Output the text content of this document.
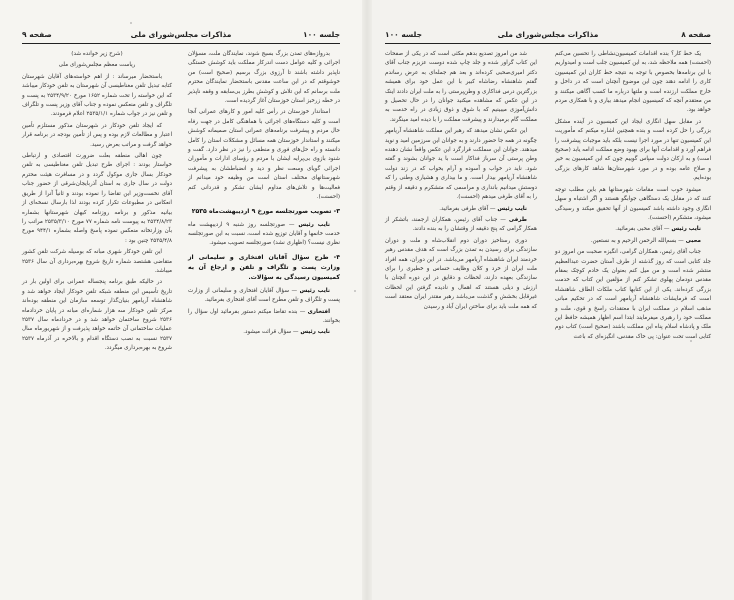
جلسه ۱۰۰
مذاکرات مجلس‌شورای ملی
صفحه ۹

بدروازه‌های تمدن بزرگ بسیج شوند، نمایندگان ملت، مسؤلان اجرائی و کلیه عوامل دست اندرکار مملکت باید کوشش خستگی ناپذیر داشته باشند تا آرزوی بزرگ برسیم (صحیح است) من خوشوقتم که در این ساعت مقدس باستحضار نمایندگان محترم ملت برسانم که این تلاش و کوشش بطرز بی‌سابقه و وقفه ناپذیر در خطه زرخیز استان خوزستان آغاز گردیده است.

استاندار خوزستان در رأس کلیه امور و کارهای عمرانی آنجا است و کلیه دستگاه‌های اجرائی با هماهنگی کامل در جهت رفاه حال مردم و پیشرفت برنامه‌های عمرانی استان صمیمانه کوشش میکنند و استاندار خوزستان همه مسائل و مشکلات استان را کامل دانسته و راه حل‌های فوری و منطقی را نیز در نظر دارد. گفت و شنود بازوی بی‌پرایه ایشان با مردم و رؤسای ادارات و مأموران اجرائی گویای وسعت نظر و دید و انضباطشان به پیشرفت شهرستانهای مختلف استان است من وظیفه خود میدانم از فعالیت‌ها و تلاش‌های مداوم ایشان تشکر و قدردانی کنم (احسنت).

۳- تصویب صورتجلسه مورخ ۹ اردیبهشت‌ماه ۲۵۳۵

نایب رئیس — صورتجلسه روز شنبه ۹ اردیبهشت ماه خدمت خانمها و آقایان توزیع شده است، نسبت به این صورتجلسه نظری نیست؟ (اظهاری نشد) صورتجلسه تصویب میشود.

۴- طرح سؤال آقایان افتخاری و سلیمانی از وزارت پست و تلگراف و تلفن و ارجاع آن به کمیسیون رسیدگی به سؤالات.

نایب رئیس — سؤال آقایان افتخاری و سلیمانی از وزارت پست و تلگراف و تلفن مطرح است آقای افتخاری بفرمائید.

افتخاری — بنده تقاضا میکنم دستور بفرمائید اول سؤال را بخوانند.

نایب رئیس — سؤال قرائت میشود.

(شرح زیر خوانده شد)

ریاست معظم مجلس‌شورای ملی

باستحضار میرساند : از اهم خواسته‌های آقایان شهرستان کتابه تبدیل تلفن مغناطیسی آن شهرستان به تلفن خودکار میباشد که این خواسته را تحت شماره ۱۶۵۲ مورخ ۲۵۳۴/۹/۲۰ به پست و تلگراف و تلفن منعکس نموده و جناب آقای وزیر پست و تلگراف و تلفن نیز در جواب شماره ۲۵۳۵/۱/۱ اعلام فرمودند.

که ایجاد تلفن خودکار در شهرستان مذکور مستلزم تأمین اعتبار و مطالعات لازم بوده و پس از تأمین بودجه در برنامه قرار خواهد گرفت و مراتب بعرض رسید.

چون اهالی منطقه بعلت ضرورت اقتصادی و ارتباطی خواستار بودند : اجرای طرح تبدیل تلفن مغناطیسی به تلفن خودکار بسال جاری موکول گردد و در مسافرت هیئت محترم دولت در سال جاری به استان آذربایجان‌شرقی از حضور جناب آقای نخست‌وزیر این تقاضا را نموده بودند و ثانیاً آنرا از طریق انعکاس در مطبوعات تکرار کرده بودند لذا بارسال نسخه‌ای از بیانیه مذکور و برنامه روزنامه کیهان شهرستانها بشماره ۲۵۳۴/۸/۲۳ به پیوست نامه شماره ۷۷ مورخ ۲۵۳۵/۳/۱۰ مراتب را بآن وزارتخانه منعکس نموده پاسخ واصله بشماره ۹۴۴/۱ مورخ ۲۵۳۵/۴/۸ چنین بود :

این تلفن خودکار شهری مبانه که بوسیله شرکت تلفن کشور متقاضی هشتصد شماره تاریخ شروع بهره‌برداری آن سال ۲۵۳۶ میباشد.

در حالیکه طبق برنامه پنجساله عمرانی برای اولین بار در تاریخ تأسیس این منطقه شبکه تلفن خودکار ایجاد خواهد شد و شاهنشاه آریامهر بنیان‌گذار توسعه سازمان این منطقه بوده‌اند مرکز تلفن خودکار سه هزار شماره‌ای مبانه در پایان خردادماه ۲۵۳۶ شروع ساختمان خواهد شد و در خردادماه سال ۲۵۳۷ عملیات ساختمانی آن خاتمه خواهد پذیرفت و از شهریورماه سال ۲۵۳۷ نسبت به نصب دستگاه اقدام و بالاخره در آذرماه ۲۵۳۷ شروع به بهره‌برداری میگردد.

صفحه ۸
مذاکرات مجلس‌شورای ملی
جلسه ۱۰۰

یک خط کار؟ بنده اقدامات کمیسیون‌نشاطی را تحسین می‌کنم (احسنت) همه ملاحظه شد، به این کمیسیون جلب است و امیدواریم با این برنامه‌ها بخصوص با توجه به نتیجه خط کاران این کمیسیون کاری را ادامه دهند چون این موضوع آنچنان است که در داخل و خارج مملکت ارزنده است و ملتها درباره ما کسب آگاهی میکنند و من معتقدم آنچه که کمیسیون انجام میدهد بیاری و با همکاری مردم خواهد بود.

در مقابل سهل انگاری ایجاد این کمیسیون در آینده مشکل بزرگی را حل کرده است و بنده همچنین اشاره میکنم که مأموریت این کمیسیون تنها در مورد اجرا نیست بلکه باید موجبات پیشرفت را فراهم آورد و اقدامات آنها برای بهبود وضع مملکت ادامه یابد (صحیح است) و به ارکان دولت سپاس گوییم چون که این کمیسیون به خیر و صلاح عامه بوده و در مورد شهرستان‌ها شاهد کارهای بزرگی بوده‌ایم.

میشود خوب است مقامات شهرستانها هم باین مطلب توجه کنند که در مقابل یک دستگاهی جوابگو هستند و اگر اشتباه و سهل انگاری وجود داشته باشد کمیسیون از آنها تحقیق میکند و رسیدگی میشود، متشکرم (احسنت).

نایب رئیس — آقای محبی بفرمائید.

محبی — بسم‌الله الرحمن الرحیم و به نستعین.

جناب آقای رئیس، همکاران گرامی، انگیزه صحبت من امروز دو جلد کتابی است که روز گذشته از طرف آستان حضرت عبدالعظیم منتشر شده است و من میل کنم بعنوان یک خادم کوچک بمقام مقدس دودمان پهلوی تشکر کنم از مؤلفین این کتاب که خدمت بزرگی کرده‌اند. یکی از این کتابها کتاب ملکات الطاف شاهنشاه است که فرمایشات شاهنشاه آریامهر است که در تحکیم مبانی مذهب اسلام در مملکت ایران با معتقدات راسخ و قوی، ملت و مملکت خود را رهبری میفرمایند ابتدا اسم اظهار همیشه حافظ این ملک و پادشاه اسلام پناه این مملکت باشند (صحیح است) کتاب دوم کتابی است تحت عنوان: پی خاک مقدس، انگیزه‌ای که باعث

شد من امروز تصدیع بدهم مکثی است که در یکی از صفحات این کتاب گراور شده و جلد چاپ شده دوست عزیزم جناب آقای دکتر امیری‌صحبی کرده‌اند و بعد هم جمله‌ای به عرض رساندم گفتم شاهنشاه رضاشاه کبیر با این عمل خود برای همیشه بزرگترین درس فداکاری و وطن‌پرستی را به ملت ایران دادند اینک در این عکس که مشاهده میکنید جوانان را در حال تحصیل و دانش‌آموزی میبینیم که با شوق و ذوق زیادی در راه خدمت به مملکت گام برمیدارند و پیشرفت مملکت را با دیده امید مینگرند.

این عکس نشان میدهد که رهبر این مملکت شاهنشاه آریامهر چگونه در همه جا حضور دارند و به جوانان این سرزمین امید و نوید میدهند. جوانان این سملکت قرارگرد این عکس واقعاً نشان دهنده وطن پرستی آن سرباز فداکار است با ید جوانان بشوند و گفته شود. ناید در خواب و آسوده و آرام بخواب که در زند دولت شاهنشاه آریامهر بیدار است. و ما بیداری و هشیاری وطنی را که دوستش میدانیم بانداری و مراسمی که متشکرم و دقیقه از وقتم را به آقای طرفی میدهم (احسنت).

نایب رئیس — آقای طرفی بفرمائید.

طرفی — جناب آقای رئیس، همکاران ارجمند، باتشکر از همکار گرامی که پنج دقیقه از وقتشان را به بنده دادند.

دوری رستاخیز دوران دوم انقلاب‌شاه و ملت و دوران سازندگی برای رسیدن به تمدن بزرگ است که هدف مقدس رهبر خردمند ایران شاهنشاه آریامهر می‌باشد. در این دوران، همه افراد ملت ایران از خرد و کلان وظایف حساس و خطیری را برای سازندگی بعهده دارند، لحظات و دقایق در این دوره آنچنان با ارزش و دیلی هستند که اهمال و نادیده گرفتن این لحظات غیرقابل بخشش و گذشت می‌باشد رهبر مقتدر ایران معتقد است که همه ملت باید برای ساختن ایران آباد و رسیدن
